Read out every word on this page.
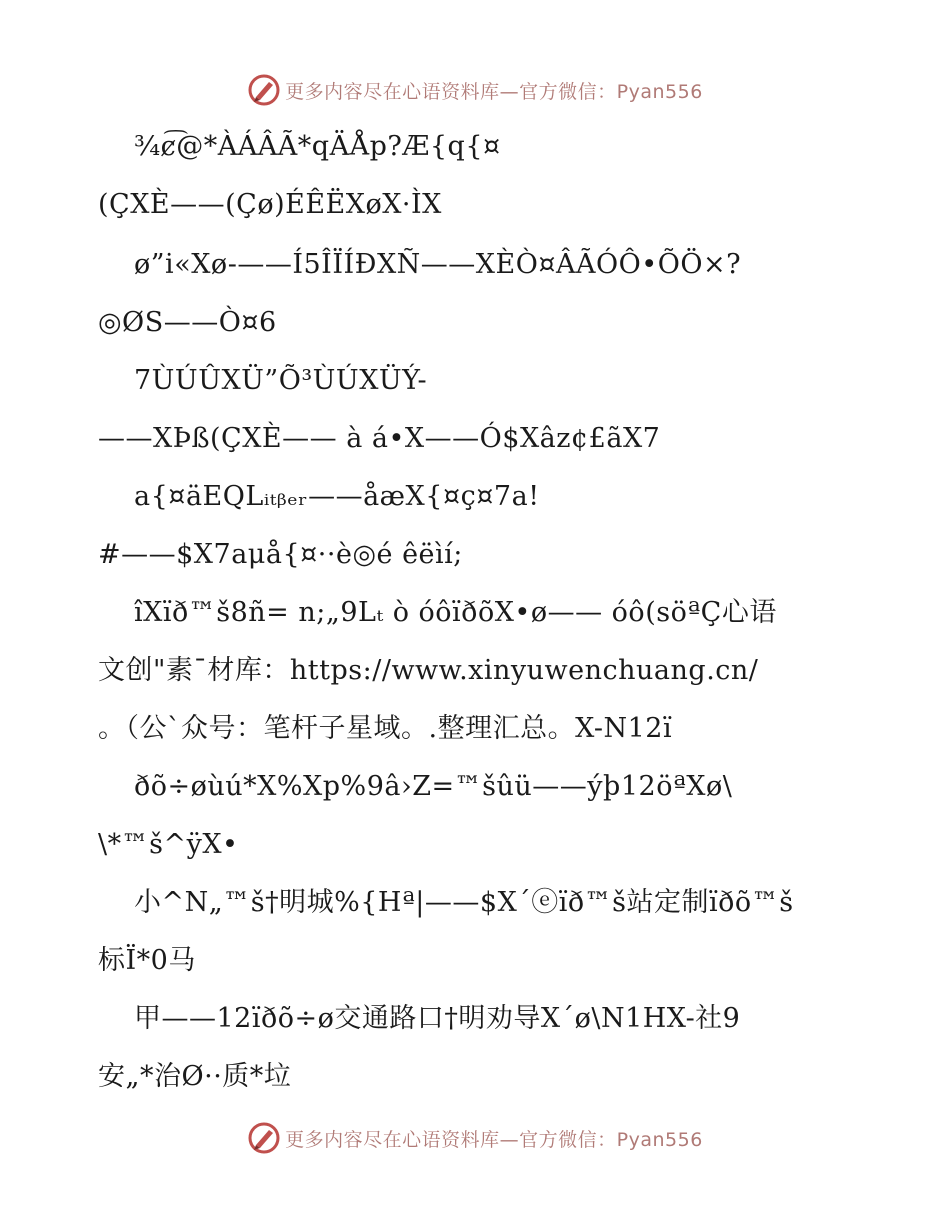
更多内容尽在心语资料库—官方微信：Pyan556
¾ȼ͡@*ÀÁÂÃ*qÄÅp?Æ{q{¤
(ÇXÈ——(Çø)ÉÊËXøX·ÌX
ø”i«Xø-——Í5ÎÏÍÐXÑ——XÈÒ¤ÂÃÓÔ•ÕÖ×?
◎ØS——Ò¤6
7ÙÚÛXÜ”Õ³ÙÚXÜÝ-
——XÞß(ÇXÈ—— à á•X——Ó$Xâz¢£ãX7
a{¤äEQLᵢₜᵦₑᵣ——åæX{¤ç¤7a!
#——$X7aμå{¤··è◎é êëìí;
îXïð™š8ñ= n;„9Lₜ ò óôïðõX•ø—— óô(söªÇ心语
文创"素¯材库：https://www.xinyuwenchuang.cn/
。（公`众号：笔杆子星域。.整理汇总。X-N12ï
ðõ÷øùú*X%Xp%9â›Z=™šûü——ýþ12öªXø\
\*™š^ÿX•
小^N„™š†明城%{Hª|——$X´ⓔïð™š站定制ïðõ™š
标Ï*0马
甲——12ïðõ÷ø交通路口†明劝导X´ø\N1HX-社9
安„*治Ø··质*垃
更多内容尽在心语资料库—官方微信：Pyan556
